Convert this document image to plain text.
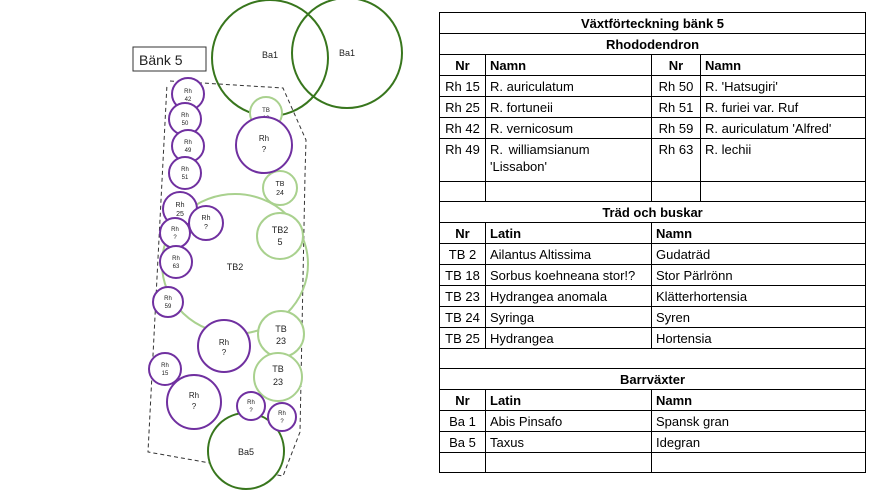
Bänk 5	Ba1	Ba1
TB2
TB
TB
24
TB2
5
TB
23
TB
23
Rh
?
Rh
42
Rh
50
Rh
49
Rh
51
Rh
25
Rh
?
Rh
?
Rh
63
Rh
59
Rh
?
Rh
15
Rh
?
Ba5
Rh
?	Rh
?
Växtförteckning bänk 5			
Rhododendron			
Nr	Namn	Nr	Namn
Rh 15	R. auriculatum	Rh 50	R. 'Hatsugiri'
Rh 25	R. fortuneii	Rh 51	R. furiei var. Ruf
Rh 42	R. vernicosum	Rh 59	R. auriculatum 'Alfred'
Rh 49	R. williamsianum 'Lissabon'	Rh 63	R. lechii

Träd och buskar			
Nr	Latin	Namn	
TB 2	Ailantus Altissima	Gudaträd	
TB 18	Sorbus koehneana stor!?	Stor Pärlrönn	
TB 23	Hydrangea anomala	Klätterhortensia	
TB 24	Syringa	Syren	
TB 25	Hydrangea	Hortensia	

Barrväxter			
Nr	Latin	Namn	
Ba 1	Abis Pinsafo	Spansk gran	
Ba 5	Taxus	Idegran	
